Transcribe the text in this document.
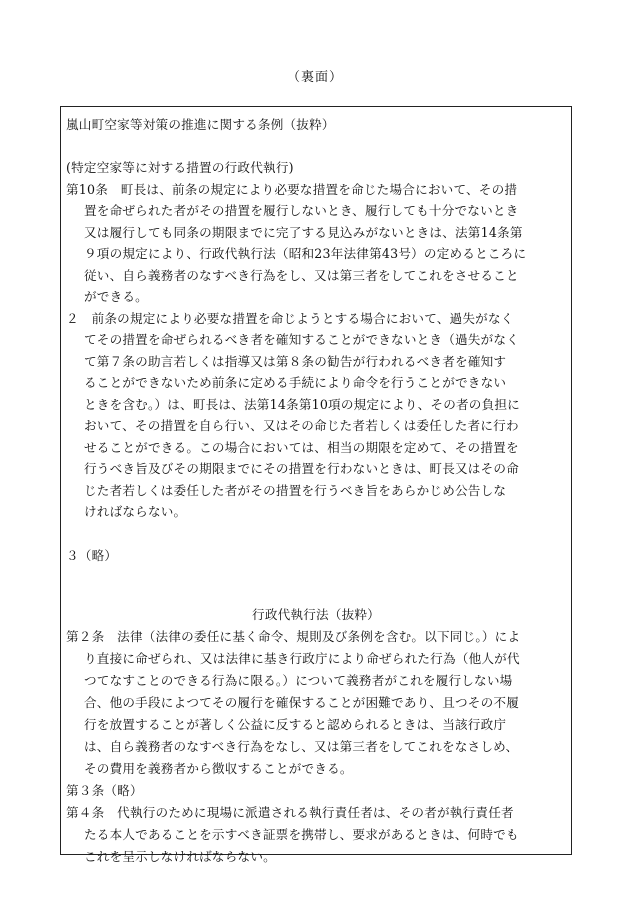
（裏面）
嵐山町空家等対策の推進に関する条例（抜粋）
(特定空家等に対する措置の行政代執行)
第10条　町長は、前条の規定により必要な措置を命じた場合において、その措
置を命ぜられた者がその措置を履行しないとき、履行しても十分でないとき
又は履行しても同条の期限までに完了する見込みがないときは、法第14条第
９項の規定により、行政代執行法（昭和23年法律第43号）の定めるところに
従い、自ら義務者のなすべき行為をし、又は第三者をしてこれをさせること
ができる。
２　前条の規定により必要な措置を命じようとする場合において、過失がなく
てその措置を命ぜられるべき者を確知することができないとき（過失がなく
て第７条の助言若しくは指導又は第８条の勧告が行われるべき者を確知す
ることができないため前条に定める手続により命令を行うことができない
ときを含む。）は、町長は、法第14条第10項の規定により、その者の負担に
おいて、その措置を自ら行い、又はその命じた者若しくは委任した者に行わ
せることができる。この場合においては、相当の期限を定めて、その措置を
行うべき旨及びその期限までにその措置を行わないときは、町長又はその命
じた者若しくは委任した者がその措置を行うべき旨をあらかじめ公告しな
ければならない。
３（略）
行政代執行法（抜粋）
第２条　法律（法律の委任に基く命令、規則及び条例を含む。以下同じ。）によ
り直接に命ぜられ、又は法律に基き行政庁により命ぜられた行為（他人が代
つてなすことのできる行為に限る。）について義務者がこれを履行しない場
合、他の手段によつてその履行を確保することが困難であり、且つその不履
行を放置することが著しく公益に反すると認められるときは、当該行政庁
は、自ら義務者のなすべき行為をなし、又は第三者をしてこれをなさしめ、
その費用を義務者から徴収することができる。
第３条（略）
第４条　代執行のために現場に派遣される執行責任者は、その者が執行責任者
たる本人であることを示すべき証票を携帯し、要求があるときは、何時でも
これを呈示しなければならない。
